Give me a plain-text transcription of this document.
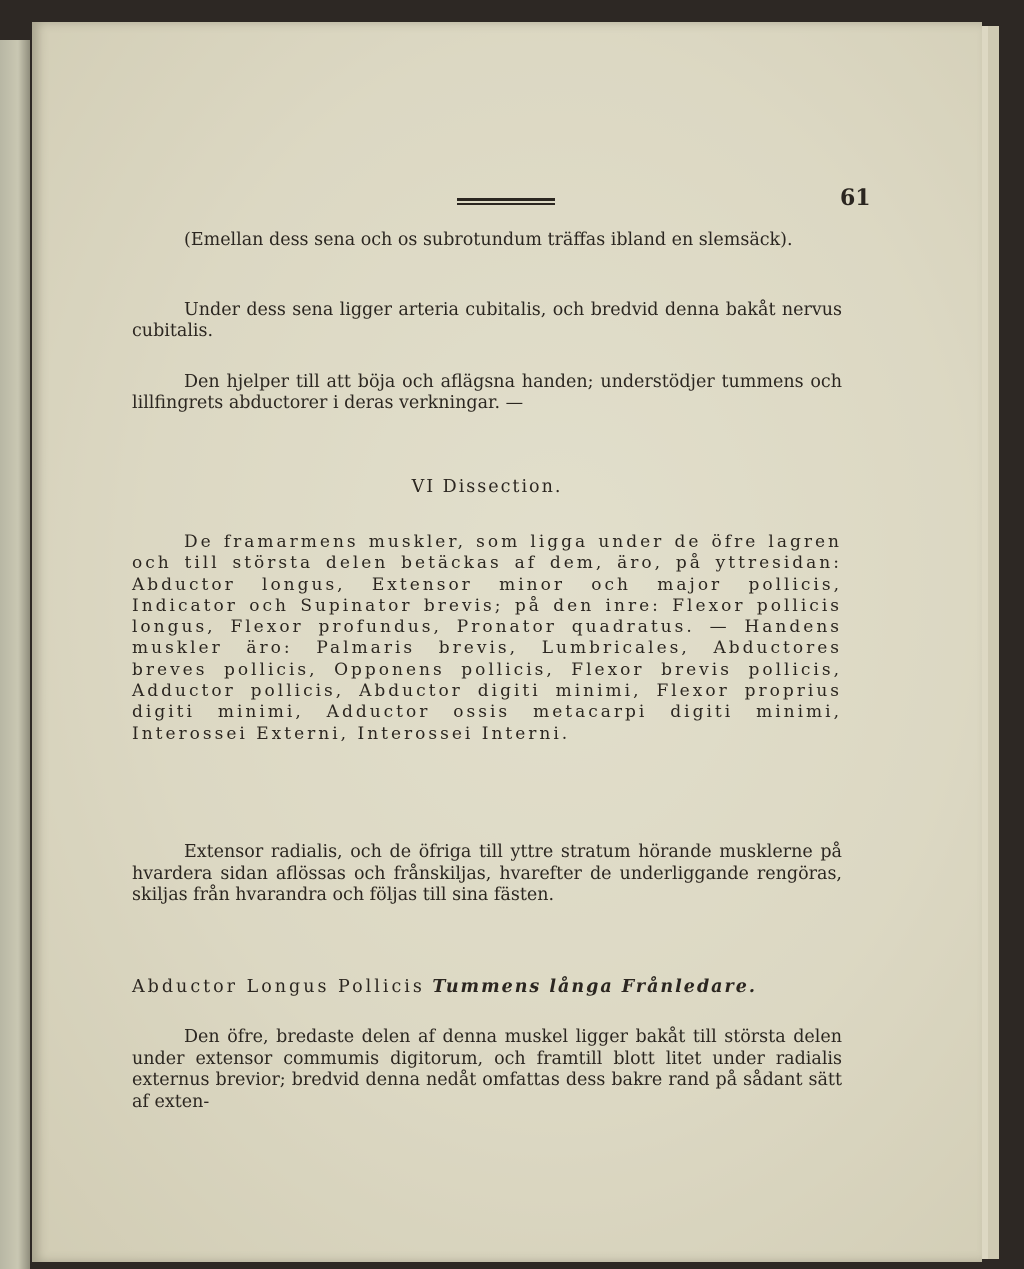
61

(Emellan dess sena och os subrotundum träffas ibland en slemsäck).

Under dess sena ligger arteria cubitalis, och bredvid denna bakåt nervus cubitalis.

Den hjelper till att böja och aflägsna handen; understödjer tummens och lillfingrets abductorer i deras verkningar. —

VI Dissection.

De framarmens muskler, som ligga under de öfre lagren och till största delen betäckas af dem, äro, på yttresidan: Abductor longus, Extensor minor och major pollicis, Indicator och Supinator brevis; på den inre: Flexor pollicis longus, Flexor profundus, Pronator quadratus. — Handens muskler äro: Palmaris brevis, Lumbricales, Abductores breves pollicis, Opponens pollicis, Flexor brevis pollicis, Adductor pollicis, Abductor digiti minimi, Flexor proprius digiti minimi, Adductor ossis metacarpi digiti minimi, Interossei Externi, Interossei Interni.

Extensor radialis, och de öfriga till yttre stratum hörande musklerne på hvardera sidan aflössas och frånskiljas, hvarefter de underliggande rengöras, skiljas från hvarandra och följas till sina fästen.

Abductor Longus Pollicis Tummens långa Frånledare.

Den öfre, bredaste delen af denna muskel ligger bakåt till största delen under extensor commumis digitorum, och framtill blott litet under radialis externus brevior; bredvid denna nedåt omfattas dess bakre rand på sådant sätt af exten-
